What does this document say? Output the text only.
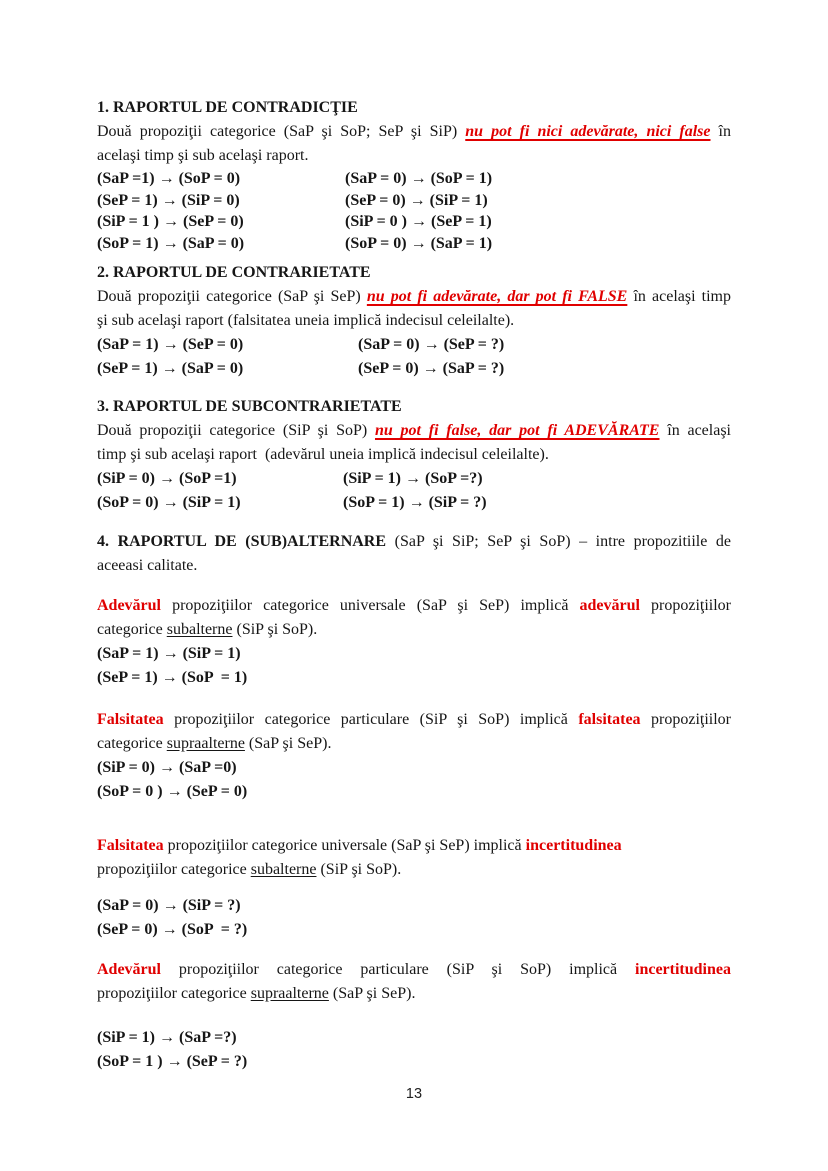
1. RAPORTUL DE CONTRADICŢIE
Două propoziţii categorice (SaP şi SoP; SeP şi SiP) nu pot fi nici adevărate, nici false în
acelaşi timp şi sub acelaşi raport.
(SaP =1) → (SoP = 0)	(SaP = 0) → (SoP = 1)
(SeP = 1) → (SiP = 0)	(SeP = 0) → (SiP = 1)
(SiP = 1 ) → (SeP = 0)	(SiP = 0 ) → (SeP = 1)
(SoP = 1) → (SaP = 0)	(SoP = 0) → (SaP = 1)
2. RAPORTUL DE CONTRARIETATE
Două propoziţii categorice (SaP şi SeP) nu pot fi adevărate, dar pot fi FALSE în acelaşi timp
şi sub acelaşi raport (falsitatea uneia implică indecisul celeilalte).
(SaP = 1) → (SeP = 0)	(SaP = 0) → (SeP = ?)
(SeP = 1) → (SaP = 0)	(SeP = 0) → (SaP = ?)
3. RAPORTUL DE SUBCONTRARIETATE
Două propoziţii categorice (SiP şi SoP) nu pot fi false, dar pot fi ADEVĂRATE în acelaşi
timp şi sub acelaşi raport  (adevărul uneia implică indecisul celeilalte).
(SiP = 0) → (SoP =1)	(SiP = 1) → (SoP =?)
(SoP = 0) → (SiP = 1)	(SoP = 1) → (SiP = ?)
4. RAPORTUL DE (SUB)ALTERNARE (SaP şi SiP; SeP şi SoP) – intre propozitiile de
aceeasi calitate.
Adevărul propoziţiilor categorice universale (SaP şi SeP) implică adevărul propoziţiilor
categorice subalterne (SiP şi SoP).
(SaP = 1) → (SiP = 1)
(SeP = 1) → (SoP  = 1)
Falsitatea propoziţiilor categorice particulare (SiP şi SoP) implică falsitatea propoziţiilor
categorice supraalterne (SaP şi SeP).
(SiP = 0) → (SaP =0)
(SoP = 0 ) → (SeP = 0)
Falsitatea propoziţiilor categorice universale (SaP şi SeP) implică incertitudinea
propoziţiilor categorice subalterne (SiP şi SoP).
(SaP = 0) → (SiP = ?)
(SeP = 0) → (SoP  = ?)
Adevărul propoziţiilor categorice particulare (SiP şi SoP) implică incertitudinea
propoziţiilor categorice supraalterne (SaP şi SeP).
(SiP = 1) → (SaP =?)
(SoP = 1 ) → (SeP = ?)
13
